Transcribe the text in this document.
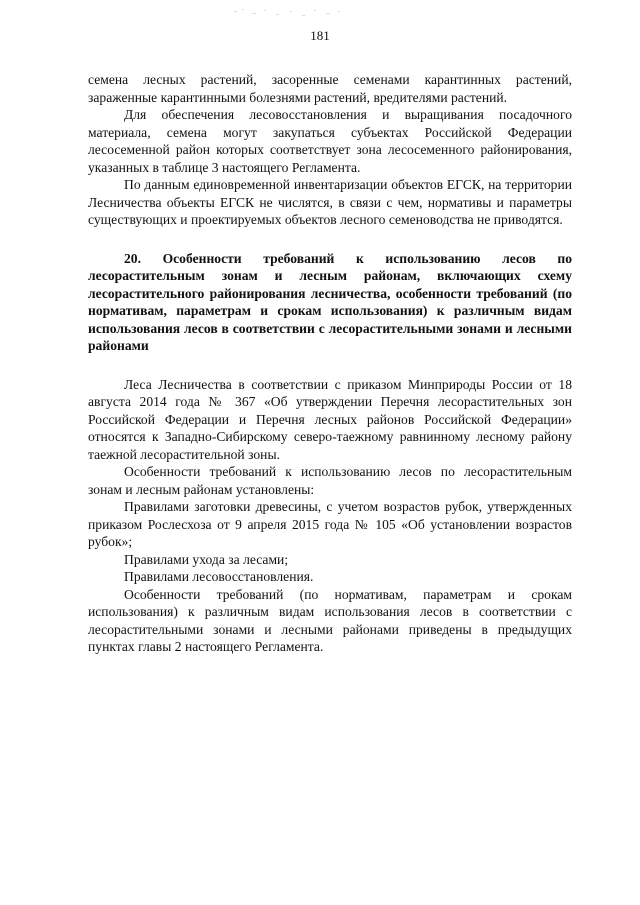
181

семена лесных растений, засоренные семенами карантинных растений, зараженные карантинными болезнями растений, вредителями растений.

Для обеспечения лесовосстановления и выращивания посадочного материала, семена могут закупаться субъектах Российской Федерации лесосеменной район которых соответствует зона лесосеменного районирования, указанных в таблице 3 настоящего Регламента.

По данным единовременной инвентаризации объектов ЕГСК, на территории Лесничества объекты ЕГСК не числятся, в связи с чем, нормативы и параметры существующих и проектируемых объектов лесного семеноводства не приводятся.

20. Особенности требований к использованию лесов по лесорастительным зонам и лесным районам, включающих схему лесорастительного районирования лесничества, особенности требований (по нормативам, параметрам и срокам использования) к различным видам использования лесов в соответствии с лесорастительными зонами и лесными районами

Леса Лесничества в соответствии с приказом Минприроды России от 18 августа 2014 года № 367 «Об утверждении Перечня лесорастительных зон Российской Федерации и Перечня лесных районов Российской Федерации» относятся к Западно-Сибирскому северо-таежному равнинному лесному району таежной лесорастительной зоны.

Особенности требований к использованию лесов по лесорастительным зонам и лесным районам установлены:

Правилами заготовки древесины, с учетом возрастов рубок, утвержденных приказом Рослесхоза от 9 апреля 2015 года № 105 «Об установлении возрастов рубок»;

Правилами ухода за лесами;

Правилами лесовосстановления.

Особенности требований (по нормативам, параметрам и срокам использования) к различным видам использования лесов в соответствии с лесорастительными зонами и лесными районами приведены в предыдущих пунктах главы 2 настоящего Регламента.
